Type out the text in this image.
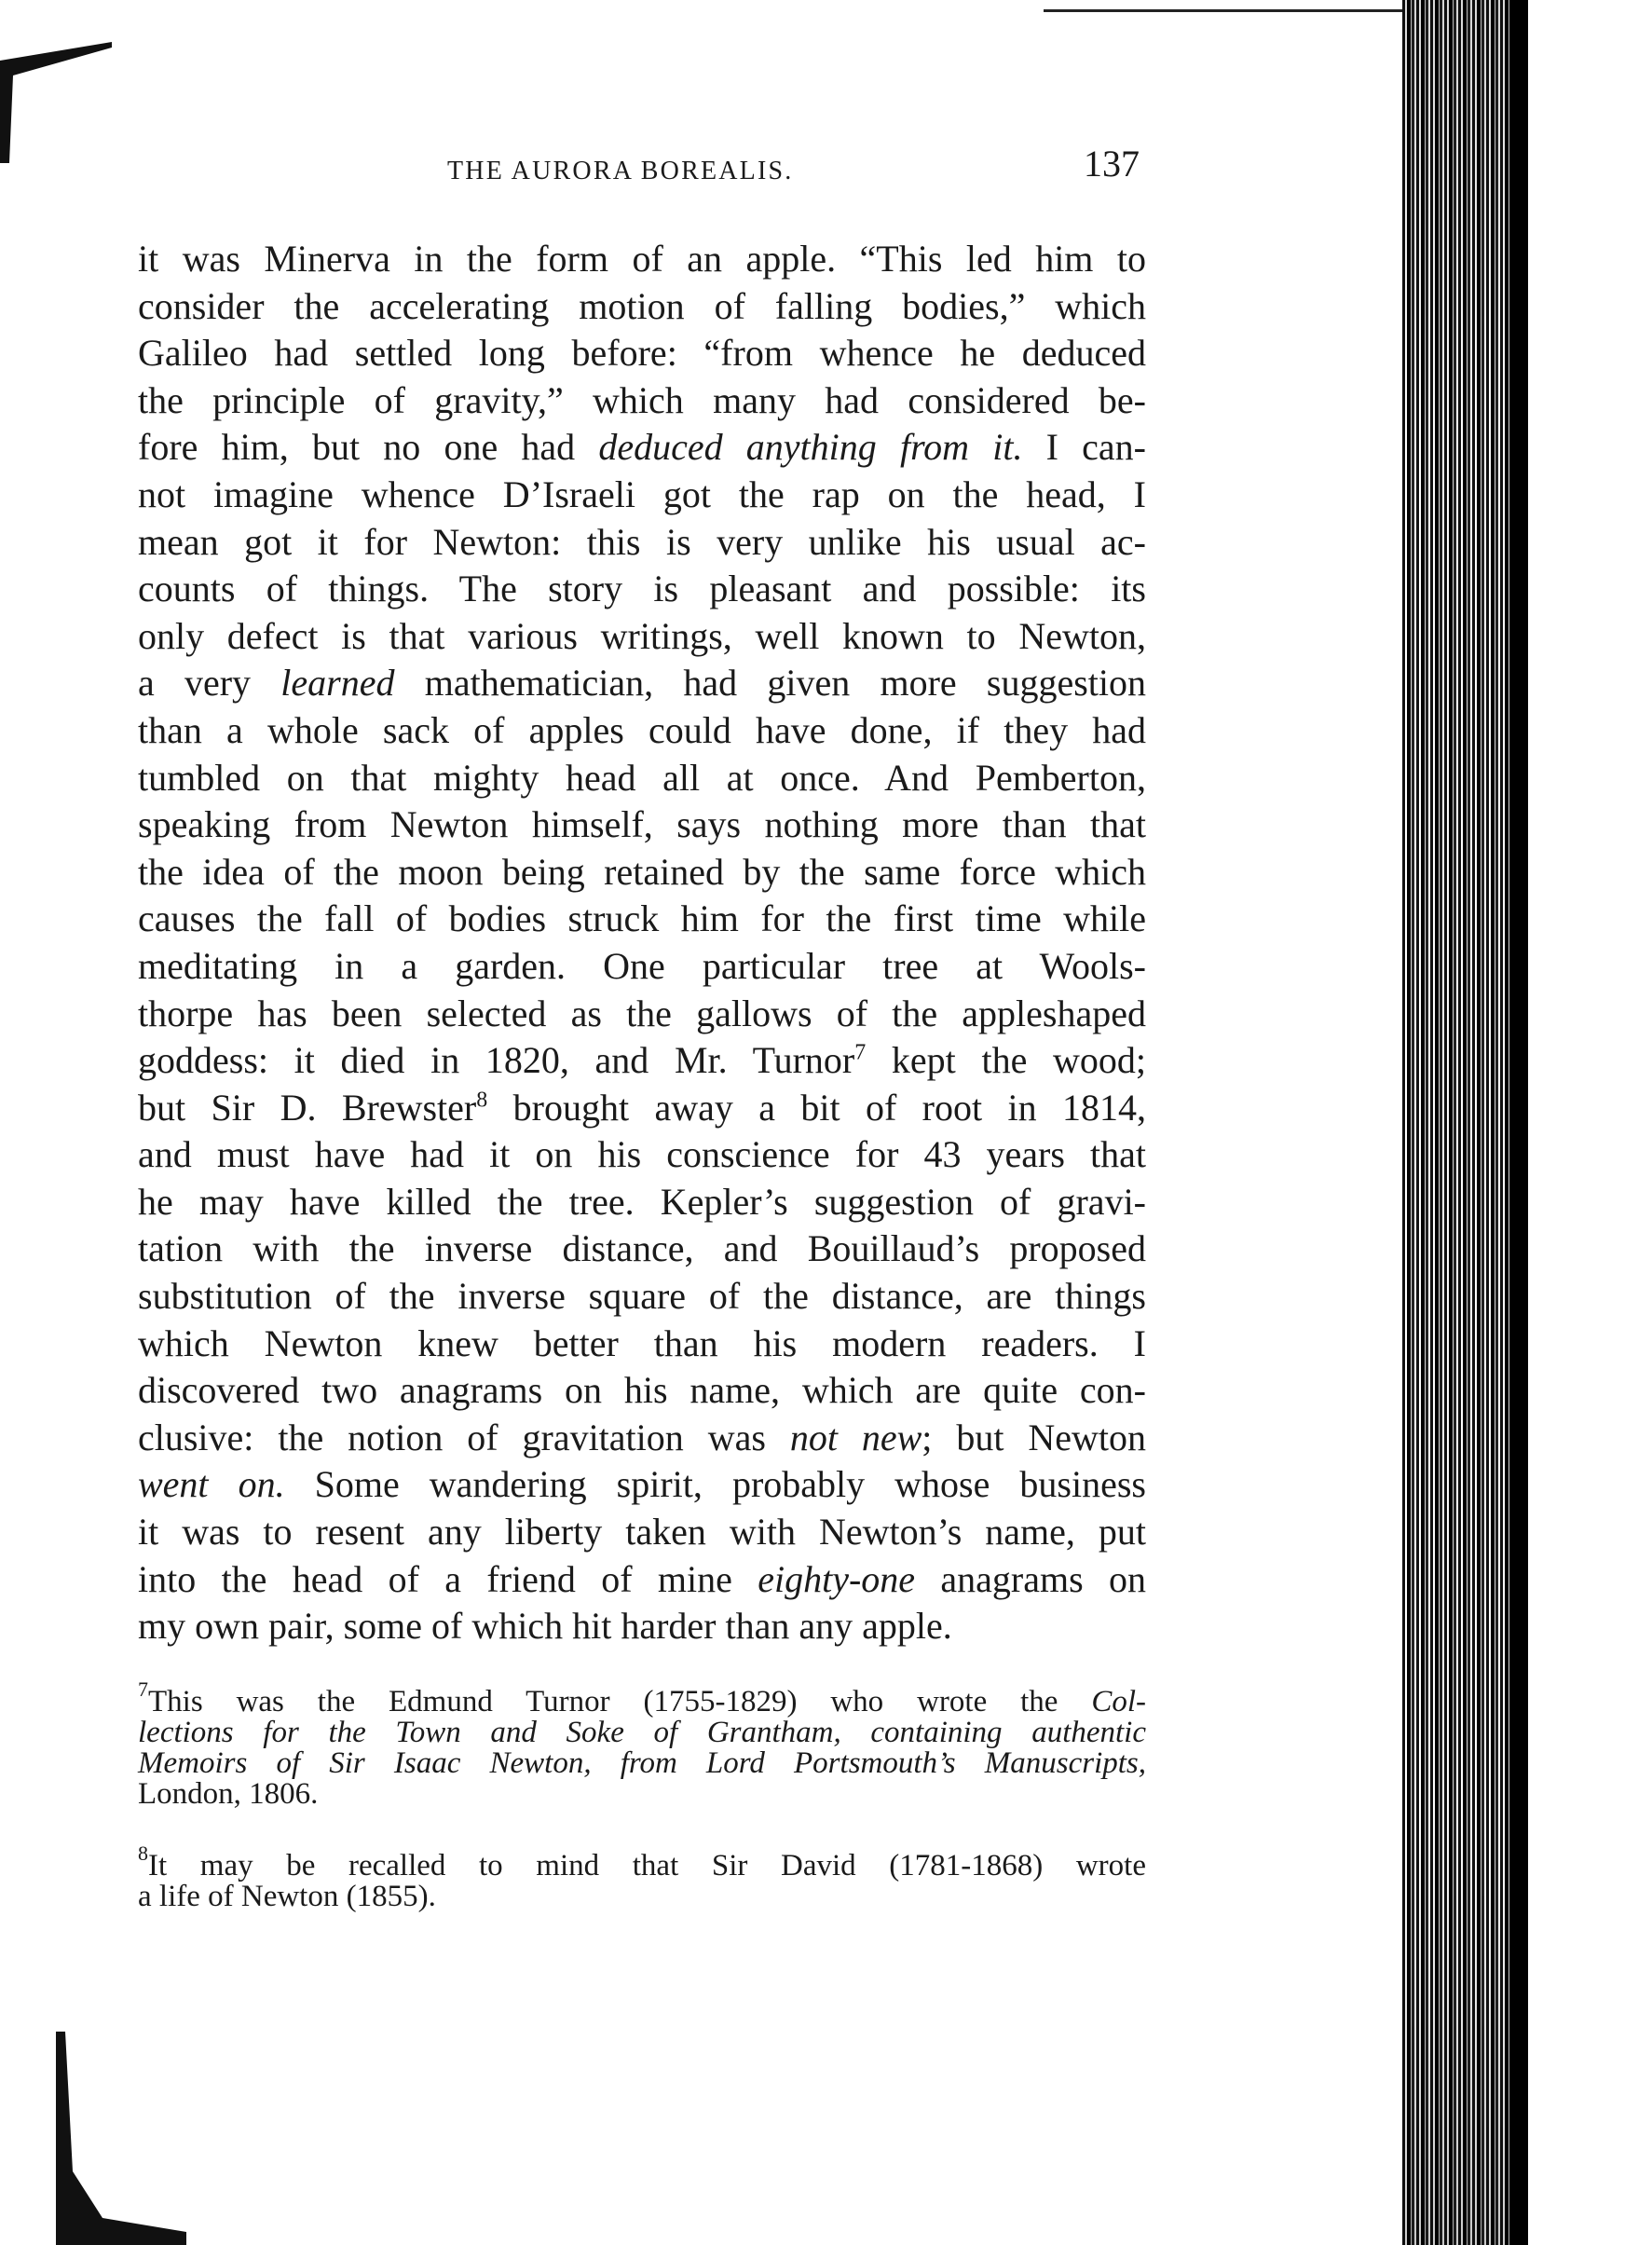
THE AURORA BOREALIS.	137
it was Minerva in the form of an apple. “This led him to
consider the accelerating motion of falling bodies,” which
Galileo had settled long before: “from whence he deduced
the principle of gravity,” which many had considered be-
fore him, but no one had deduced anything from it. I can-
not imagine whence D’Israeli got the rap on the head, I
mean got it for Newton: this is very unlike his usual ac-
counts of things. The story is pleasant and possible: its
only defect is that various writings, well known to Newton,
a very learned mathematician, had given more suggestion
than a whole sack of apples could have done, if they had
tumbled on that mighty head all at once. And Pemberton,
speaking from Newton himself, says nothing more than that
the idea of the moon being retained by the same force which
causes the fall of bodies struck him for the first time while
meditating in a garden. One particular tree at Wools-
thorpe has been selected as the gallows of the appleshaped
goddess: it died in 1820, and Mr. Turnor$^7$ kept the wood;
but Sir D. Brewster$^8$ brought away a bit of root in 1814,
and must have had it on his conscience for 43 years that
he may have killed the tree. Kepler’s suggestion of gravi-
tation with the inverse distance, and Bouillaud’s proposed
substitution of the inverse square of the distance, are things
which Newton knew better than his modern readers. I
discovered two anagrams on his name, which are quite con-
clusive: the notion of gravitation was not new; but Newton
went on. Some wandering spirit, probably whose business
it was to resent any liberty taken with Newton’s name, put
into the head of a friend of mine eighty-one anagrams on
my own pair, some of which hit harder than any apple.
$^7$This was the Edmund Turnor (1755-1829) who wrote the Col-
lections for the Town and Soke of Grantham, containing authentic
Memoirs of Sir Isaac Newton, from Lord Portsmouth’s Manuscripts,
London, 1806.
$^8$It may be recalled to mind that Sir David (1781-1868) wrote
a life of Newton (1855).
